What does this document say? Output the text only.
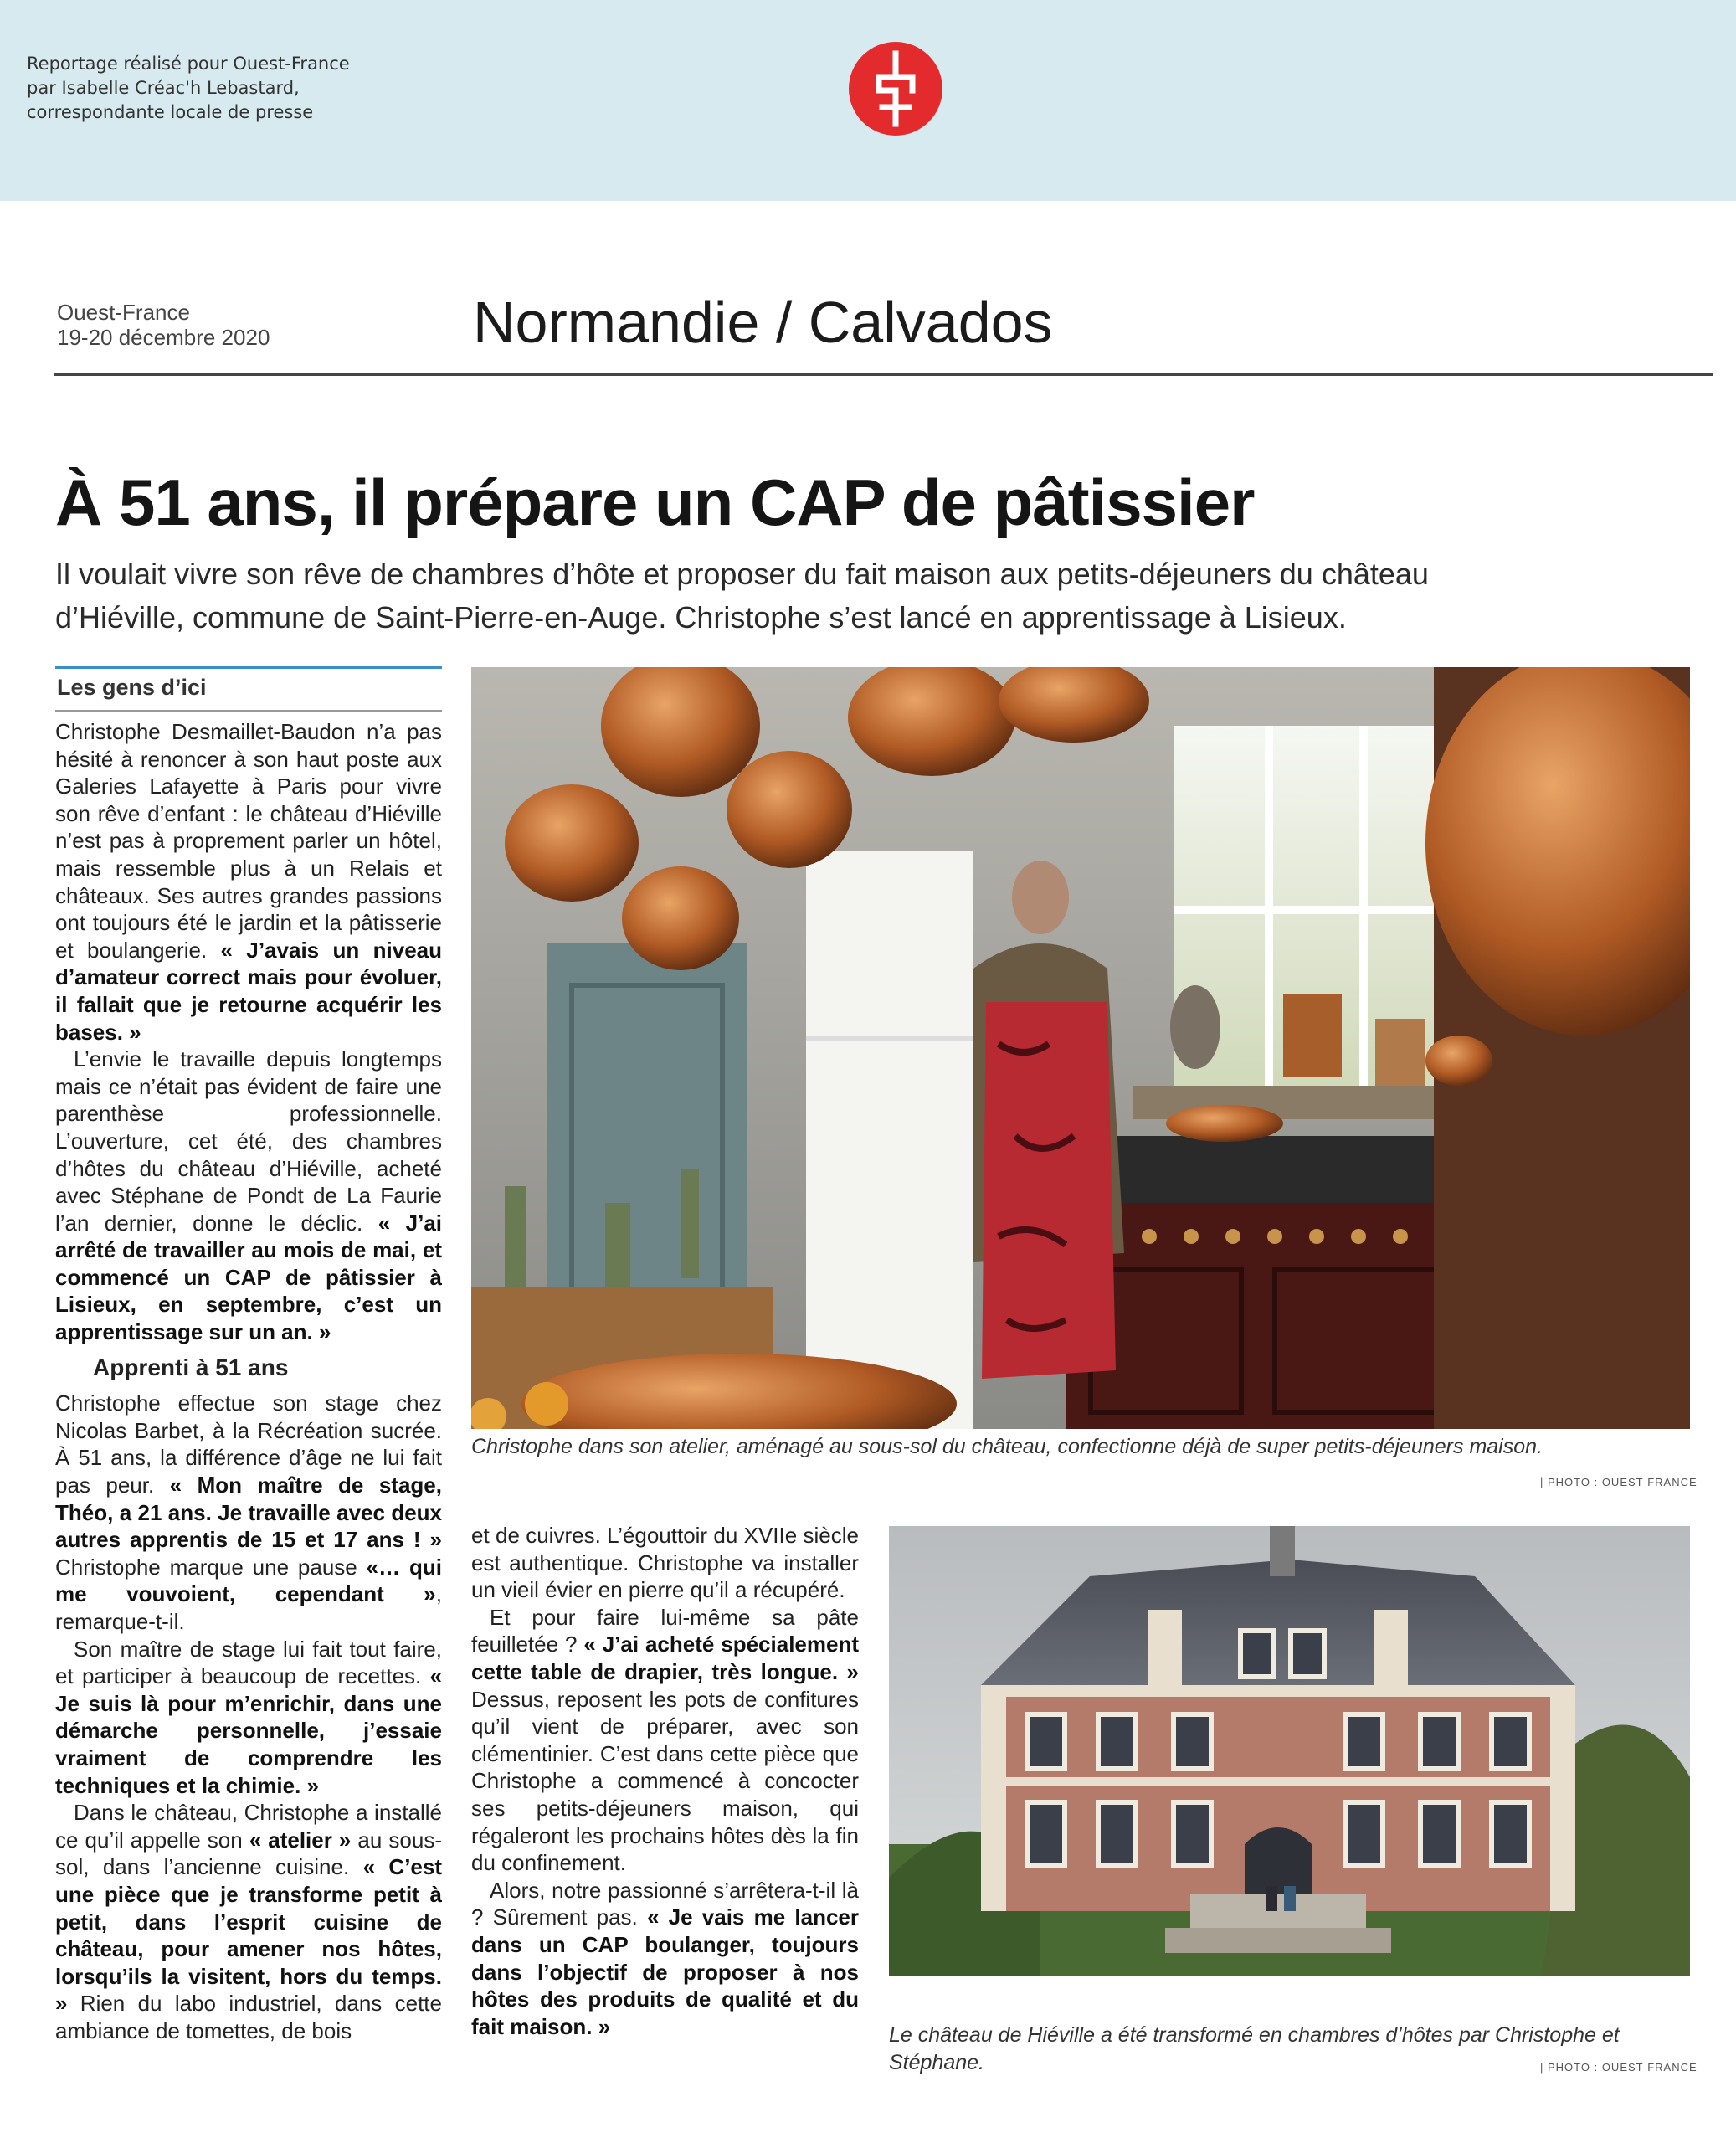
Reportage réalisé pour Ouest-France
par Isabelle Créac'h Lebastard,
correspondante locale de presse
Ouest-France
19-20 décembre 2020	Normandie / Calvados
À 51 ans, il prépare un CAP de pâtissier
Il voulait vivre son rêve de chambres d’hôte et proposer du fait maison aux petits-déjeuners du château d’Hiéville, commune de Saint-Pierre-en-Auge. Christophe s’est lancé en apprentissage à Lisieux.
Les gens d’ici

Christophe Desmaillet-Baudon n’a pas hésité à renoncer à son haut poste aux Galeries Lafayette à Paris pour vivre son rêve d’enfant : le château d’Hiéville n’est pas à proprement parler un hôtel, mais ressemble plus à un Relais et châteaux. Ses autres grandes passions ont toujours été le jardin et la pâtisserie et boulangerie. « J’avais un niveau d’amateur correct mais pour évoluer, il fallait que je retourne acquérir les bases. »

L’envie le travaille depuis longtemps mais ce n’était pas évident de faire une parenthèse professionnelle. L’ouverture, cet été, des chambres d’hôtes du château d’Hiéville, acheté avec Stéphane de Pondt de La Faurie l’an dernier, donne le déclic. « J’ai arrêté de travailler au mois de mai, et commencé un CAP de pâtissier à Lisieux, en septembre, c’est un apprentissage sur un an. »

Apprenti à 51 ans

Christophe effectue son stage chez Nicolas Barbet, à la Récréation sucrée. À 51 ans, la différence d’âge ne lui fait pas peur. « Mon maître de stage, Théo, a 21 ans. Je travaille avec deux autres apprentis de 15 et 17 ans ! » Christophe marque une pause «… qui me vouvoient, cependant », remarque-t-il.

Son maître de stage lui fait tout faire, et participer à beaucoup de recettes. « Je suis là pour m’enrichir, dans une démarche personnelle, j’essaie vraiment de comprendre les techniques et la chimie. »

Dans le château, Christophe a installé ce qu’il appelle son « atelier » au sous-sol, dans l’ancienne cuisine. « C’est une pièce que je transforme petit à petit, dans l’esprit cuisine de château, pour amener nos hôtes, lorsqu’ils la visitent, hors du temps. » Rien du labo industriel, dans cette ambiance de tomettes, de bois

et de cuivres. L’égouttoir du XVIIe siècle est authentique. Christophe va installer un vieil évier en pierre qu’il a récupéré.

Et pour faire lui-même sa pâte feuilletée ? « J’ai acheté spécialement cette table de drapier, très longue. » Dessus, reposent les pots de confitures qu’il vient de préparer, avec son clémentinier. C’est dans cette pièce que Christophe a commencé à concocter ses petits-déjeuners maison, qui régaleront les prochains hôtes dès la fin du confinement.

Alors, notre passionné s’arrêtera-t-il là ? Sûrement pas. « Je vais me lancer dans un CAP boulanger, toujours dans l’objectif de proposer à nos hôtes des produits de qualité et du fait maison. »

Christophe dans son atelier, aménagé au sous-sol du château, confectionne déjà de super petits-déjeuners maison.
| PHOTO : OUEST-FRANCE
Le château de Hiéville a été transformé en chambres d’hôtes par Christophe et Stéphane.	| PHOTO : OUEST-FRANCE
